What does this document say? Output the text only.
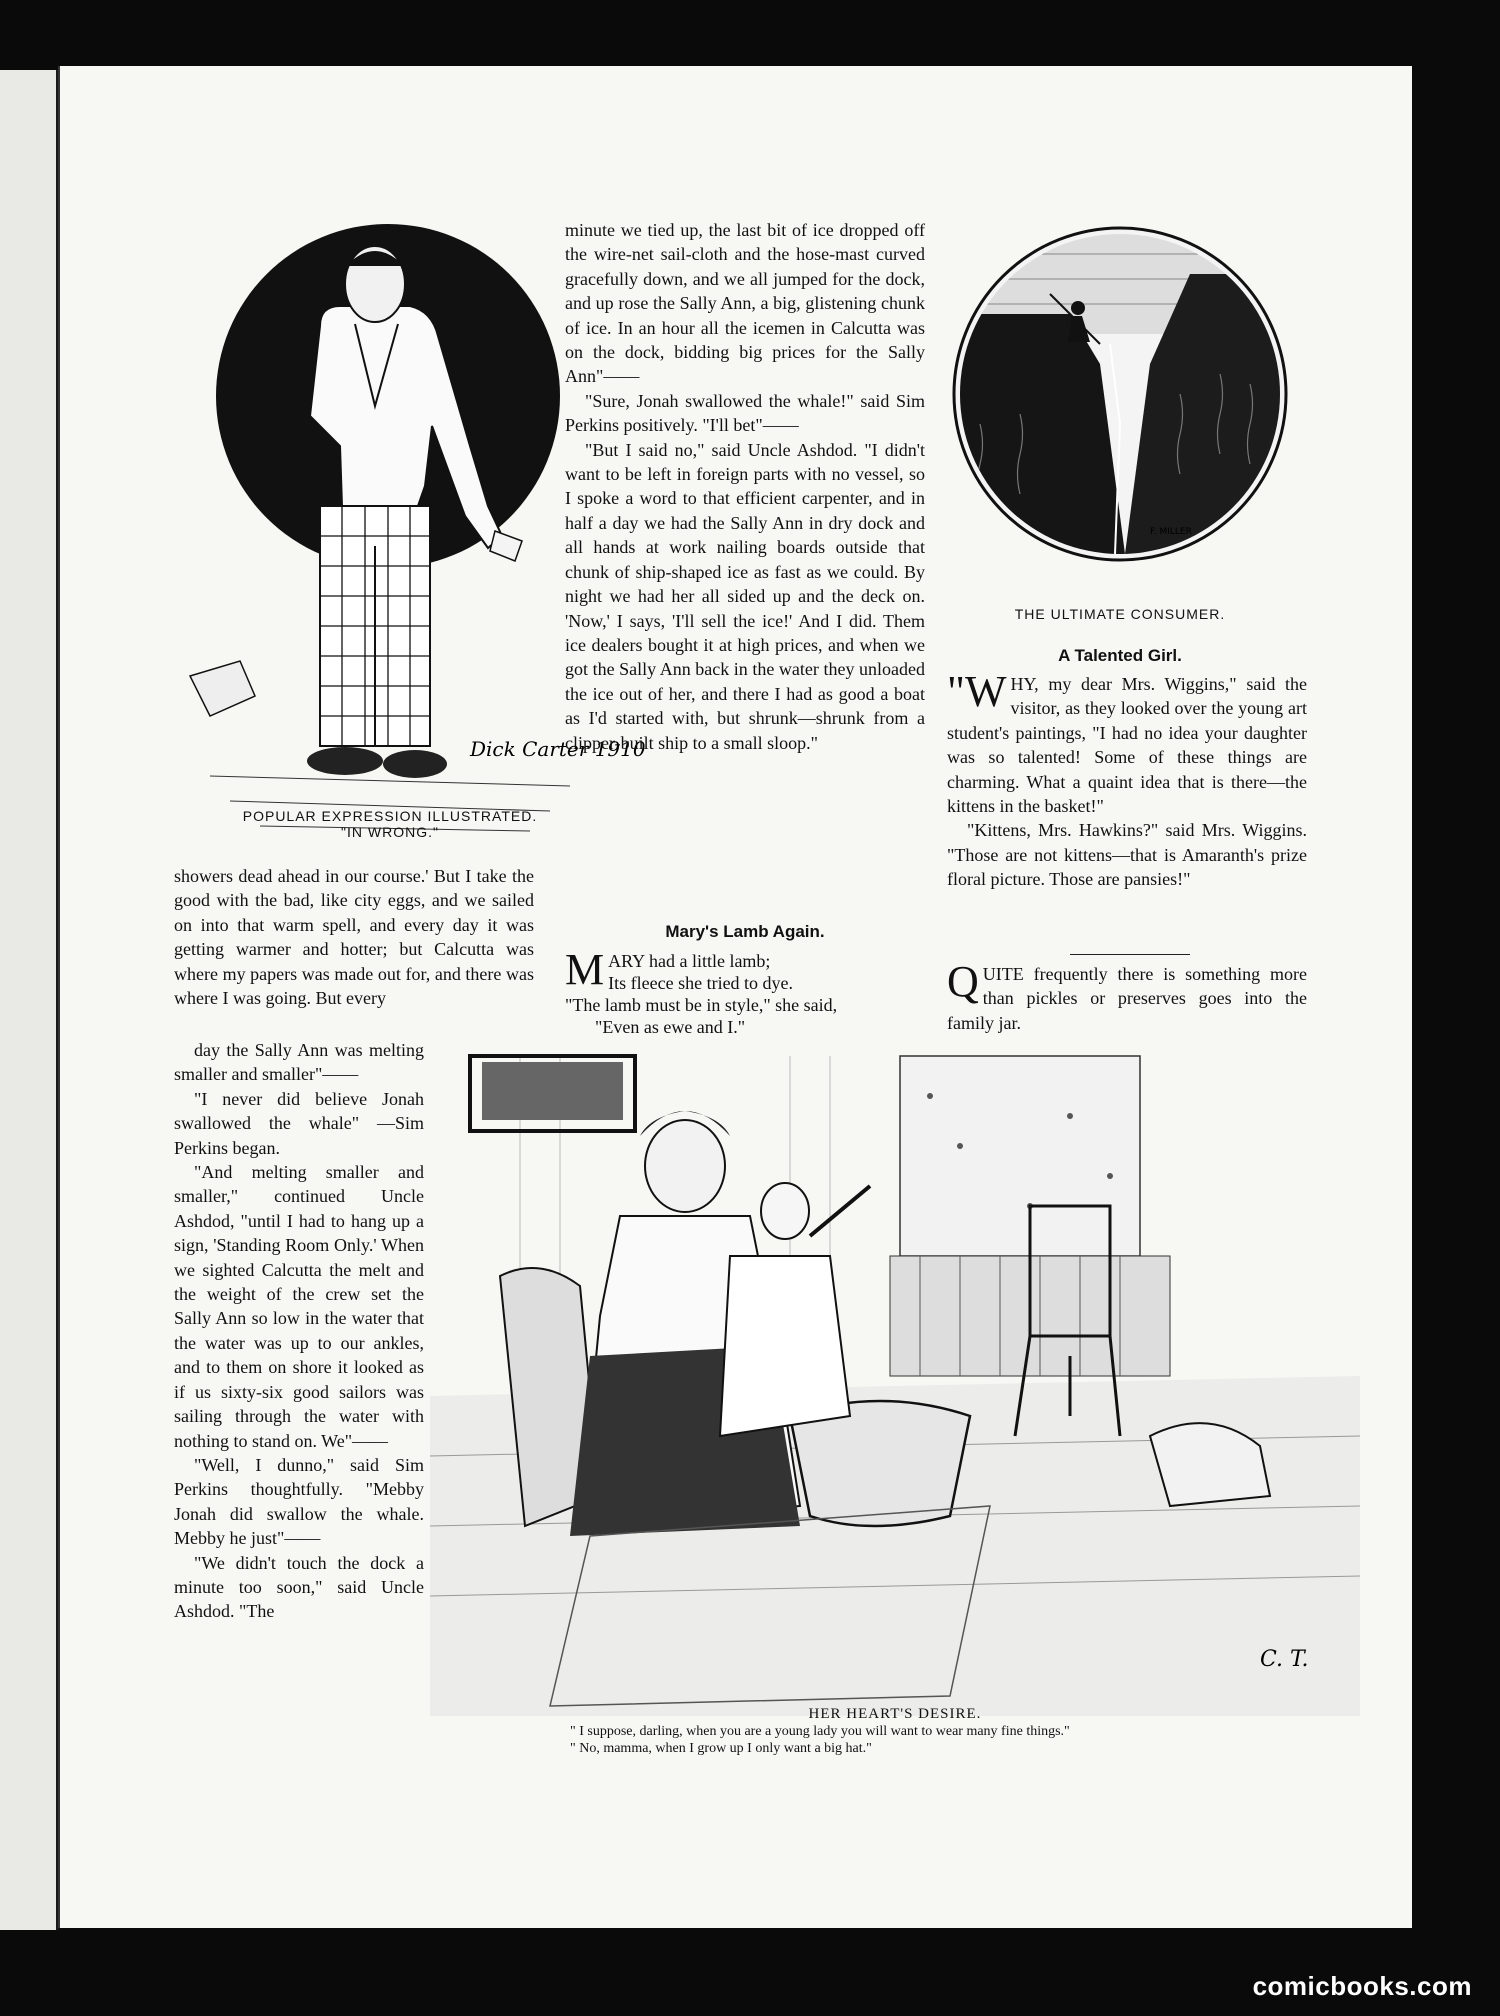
Dick Carter 1910
POPULAR EXPRESSION ILLUSTRATED.
"IN WRONG."

showers dead ahead in our course.' But I take the good with the bad, like city eggs, and we sailed on into that warm spell, and every day it was getting warmer and hotter; but Calcutta was where my papers was made out for, and there was where I was going. But every

day the Sally Ann was melting smaller and smaller"——

"I never did believe Jonah swallowed the whale" —Sim Perkins began.

"And melting smaller and smaller," continued Uncle Ashdod, "until I had to hang up a sign, 'Standing Room Only.' When we sighted Calcutta the melt and the weight of the crew set the Sally Ann so low in the water that the water was up to our ankles, and to them on shore it looked as if us sixty-six good sailors was sailing through the water with nothing to stand on. We"——

"Well, I dunno," said Sim Perkins thoughtfully. "Mebby Jonah did swallow the whale. Mebby he just"——

"We didn't touch the dock a minute too soon," said Uncle Ashdod. "The

minute we tied up, the last bit of ice dropped off the wire-net sail-cloth and the hose-mast curved gracefully down, and we all jumped for the dock, and up rose the Sally Ann, a big, glistening chunk of ice. In an hour all the icemen in Calcutta was on the dock, bidding big prices for the Sally Ann"——

"Sure, Jonah swallowed the whale!" said Sim Perkins positively. "I'll bet"——

"But I said no," said Uncle Ashdod. "I didn't want to be left in foreign parts with no vessel, so I spoke a word to that efficient carpenter, and in half a day we had the Sally Ann in dry dock and all hands at work nailing boards outside that chunk of ship-shaped ice as fast as we could. By night we had her all sided up and the deck on. 'Now,' I says, 'I'll sell the ice!' And I did. Them ice dealers bought it at high prices, and when we got the Sally Ann back in the water they unloaded the ice out of her, and there I had as good a boat as I'd started with, but shrunk—shrunk from a clipper-built ship to a small sloop."

Mary's Lamb Again.
M ARY had a little lamb;
Its fleece she tried to dye.
"The lamb must be in style," she said,
"Even as ewe and I."
F. MILLER
THE ULTIMATE CONSUMER.
A Talented Girl.

"W HY, my dear Mrs. Wiggins," said the visitor, as they looked over the young art student's paintings, "I had no idea your daughter was so talented! Some of these things are charming. What a quaint idea that is there—the kittens in the basket!"

"Kittens, Mrs. Hawkins?" said Mrs. Wiggins. "Those are not kittens—that is Amaranth's prize floral picture. Those are pansies!"

Q UITE frequently there is something more than pickles or preserves goes into the family jar.

C. T.
HER HEART'S DESIRE.
" I suppose, darling, when you are a young lady you will want to wear many fine things."
" No, mamma, when I grow up I only want a big hat."
comicbooks.com
